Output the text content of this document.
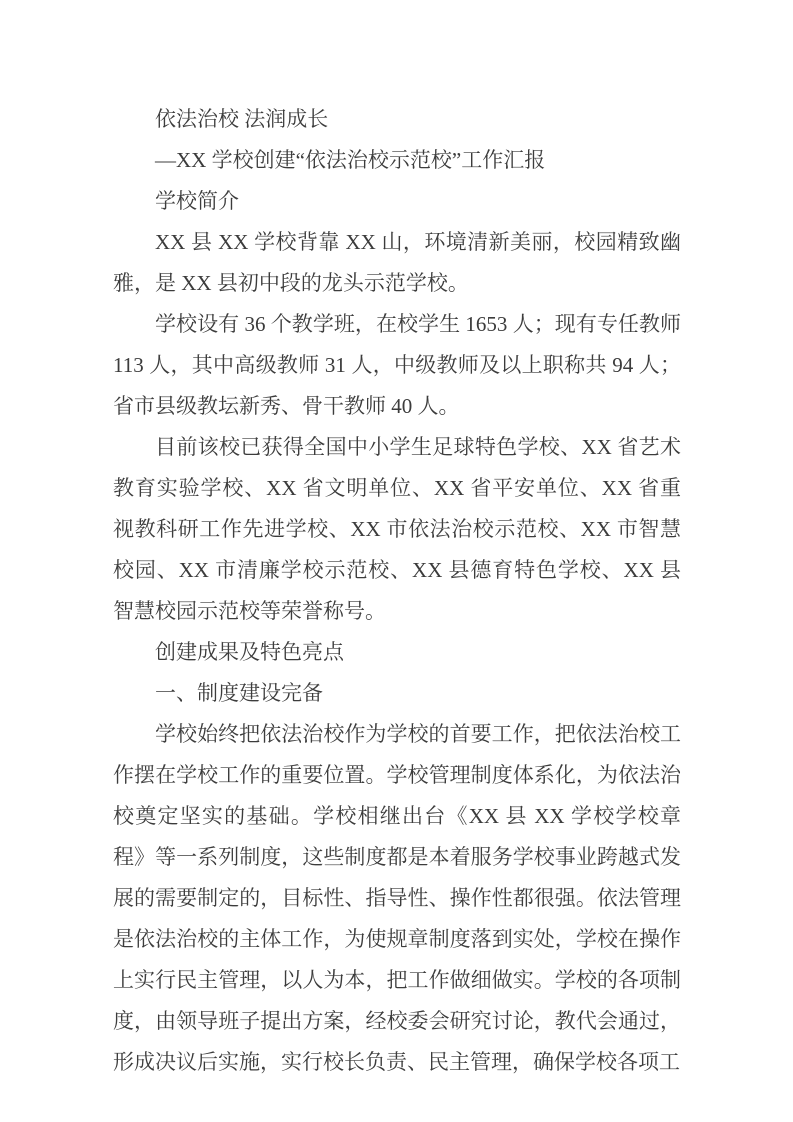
依法治校 法润成长

—XX 学校创建“依法治校示范校”工作汇报

学校简介

XX 县 XX 学校背靠 XX 山，环境清新美丽，校园精致幽雅，是 XX 县初中段的龙头示范学校。

学校设有 36 个教学班，在校学生 1653 人；现有专任教师 113 人，其中高级教师 31 人，中级教师及以上职称共 94 人；省市县级教坛新秀、骨干教师 40 人。

目前该校已获得全国中小学生足球特色学校、XX 省艺术教育实验学校、XX 省文明单位、XX 省平安单位、XX 省重视教科研工作先进学校、XX 市依法治校示范校、XX 市智慧校园、XX 市清廉学校示范校、XX 县德育特色学校、XX 县智慧校园示范校等荣誉称号。

创建成果及特色亮点

一、制度建设完备

学校始终把依法治校作为学校的首要工作，把依法治校工作摆在学校工作的重要位置。学校管理制度体系化，为依法治校奠定坚实的基础。学校相继出台《XX 县 XX 学校学校章程》等一系列制度，这些制度都是本着服务学校事业跨越式发展的需要制定的，目标性、指导性、操作性都很强。依法管理是依法治校的主体工作，为使规章制度落到实处，学校在操作上实行民主管理，以人为本，把工作做细做实。学校的各项制度，由领导班子提出方案，经校委会研究讨论，教代会通过，形成决议后实施，实行校长负责、民主管理，确保学校各项工
